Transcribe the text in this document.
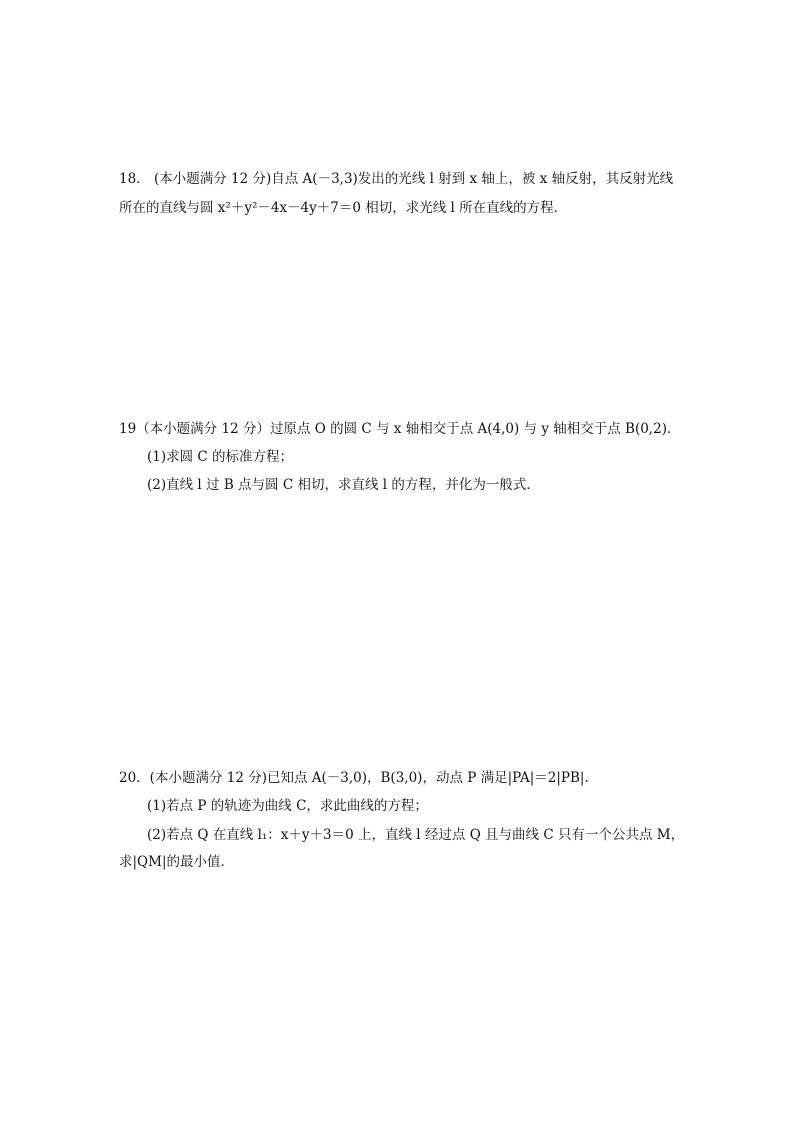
18． (本小题满分 12 分)自点 A(－3,3)发出的光线 l 射到 x 轴上，被 x 轴反射，其反射光线
所在的直线与圆 x²＋y²－4x－4y＋7＝0 相切，求光线 l 所在直线的方程．
19（本小题满分 12 分）过原点 O 的圆 C 与 x 轴相交于点 A(4,0) 与 y 轴相交于点 B(0,2)．
(1)求圆 C 的标准方程；
(2)直线 l 过 B 点与圆 C 相切，求直线 l 的方程，并化为一般式．
20．(本小题满分 12 分)已知点 A(－3,0)，B(3,0)，动点 P 满足|PA|＝2|PB|.
(1)若点 P 的轨迹为曲线 C，求此曲线的方程；
(2)若点 Q 在直线 l₁：x＋y＋3＝0 上，直线 l 经过点 Q 且与曲线 C 只有一个公共点 M，
求|QM|的最小值．
